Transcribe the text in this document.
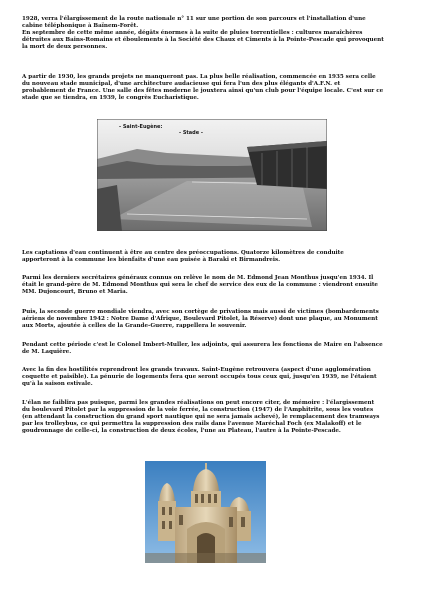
1928, verra l'élargissement de la route nationale n° 11 sur une portion de son parcours et l'installation d'une
cabine téléphonique à Baïnem-Forêt.
En septembre de cette même année, dégâts énormes à la suite de pluies torrentielles : cultures maraîchères
détruites aux Bains-Romains et éboulements à la Société des Chaux et Ciments à la Pointe-Pescade qui provoquent
la mort de deux personnes.

A partir de 1930, les grands projets ne manqueront pas. La plus belle réalisation, commencée en 1935 sera celle
du nouveau stade municipal, d'une architecture audacieuse qui fera l'un des plus élégants d'A.F.N. et
probablement de France. Une salle des fêtes moderne le jouxtera ainsi qu'un club pour l'équipe locale. C'est sur ce
stade que se tiendra, en 1939, le congrès Eucharistique.

- Saint-Eugène:
- Stade -

Les captations d'eau continuent à être au centre des préoccupations. Quatorze kilomètres de conduite
apporteront à la commune les bienfaits d'une eau puisée à Baraki et Birmandreis.

Parmi les derniers secrétaires généraux connus on relève le nom de M. Edmond Jean Monthus jusqu'en 1934. Il
était le grand-père de M. Edmond Monthus qui sera le chef de service des eux de la commune : viendront ensuite
MM. Dujoncourt, Bruno et Maria.

Puis, la seconde guerre mondiale viendra, avec son cortège de privations mais aussi de victimes (bombardements
aériens de novembre 1942 : Notre Dame d'Afrique, Boulevard Pitolet, la Réserve) dont une plaque, au Monument
aux Morts, ajoutée à celles de la Grande-Guerre, rappellera le souvenir.

Pendant cette période c'est le Colonel Imbert-Muller, les adjoints, qui assurera les fonctions de Maire en l'absence
de M. Laquière.

Avec la fin des hostilités reprendront les grands travaux. Saint-Eugène retrouvera (aspect d'une agglomération
coquette et paisible). La pénurie de logements fera que seront occupés tous ceux qui, jusqu'en 1939, ne l'étaient
qu'à la saison estivale.

L'élan ne faiblira pas puisque, parmi les grandes réalisations on peut encore citer, de mémoire : l'élargissement
du boulevard Pitolet par la suppression de la voie ferrée, la construction (1947) de l'Amphitrite, sous les voutes
(en attendant la construction du grand sport nautique qui ne sera jamais achevé), le remplacement des tramways
par les trolleybus, ce qui permettra la suppression des rails dans l'avenue Maréchal Foch (ex Malakoff) et le
goudronnage de celle-ci, la construction de deux écoles, l'une au Plateau, l'autre à la Pointe-Pescade.
